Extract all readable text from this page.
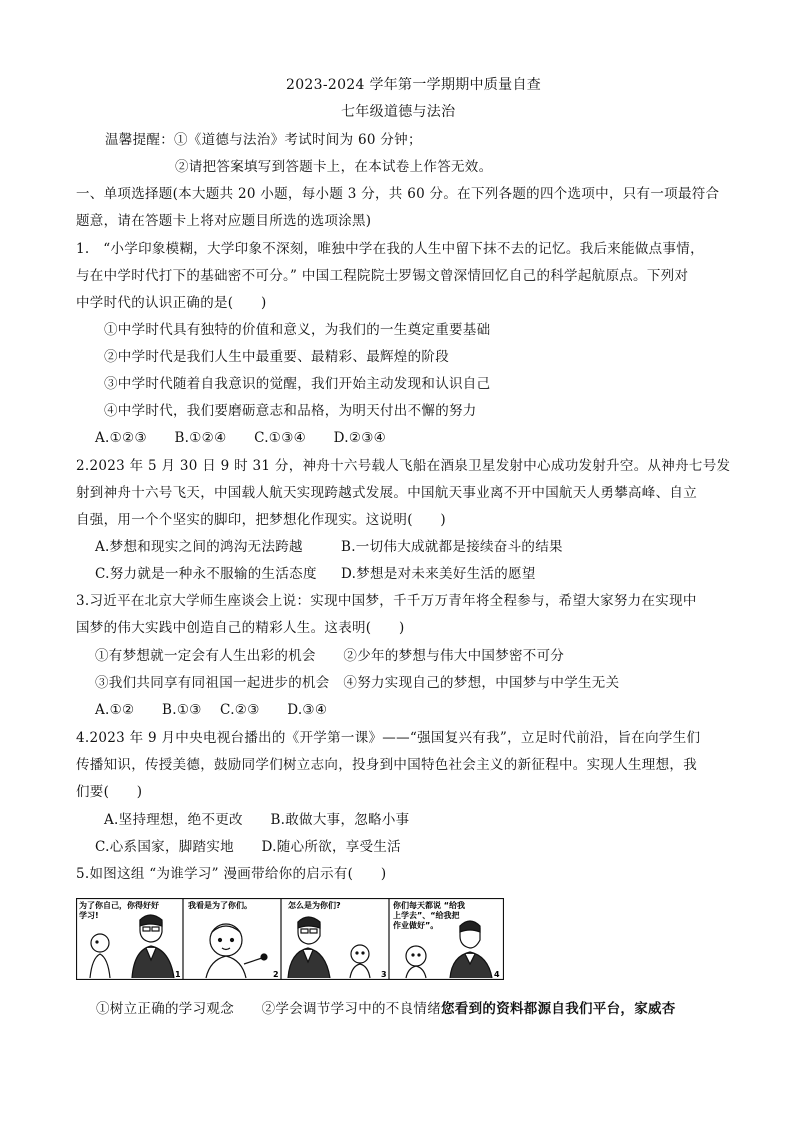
2023-2024 学年第一学期期中质量自查
七年级道德与法治
温馨提醒：①《道德与法治》考试时间为 60 分钟；
②请把答案填写到答题卡上，在本试卷上作答无效。
一、单项选择题(本大题共 20 小题，每小题 3 分，共 60 分。在下列各题的四个选项中，只有一项最符合
题意，请在答题卡上将对应题目所选的选项涂黑)
1.　“小学印象模糊，大学印象不深刻，唯独中学在我的人生中留下抹不去的记忆。我后来能做点事情，
与在中学时代打下的基础密不可分。” 中国工程院院士罗锡文曾深情回忆自己的科学起航原点。下列对
中学时代的认识正确的是(　　)
①中学时代具有独特的价值和意义，为我们的一生奠定重要基础
②中学时代是我们人生中最重要、最精彩、最辉煌的阶段
③中学时代随着自我意识的觉醒，我们开始主动发现和认识自己
④中学时代，我们要磨砺意志和品格，为明天付出不懈的努力
A.①②③　　B.①②④　　C.①③④　　D.②③④
2.2023 年 5 月 30 日 9 时 31 分，神舟十六号载人飞船在酒泉卫星发射中心成功发射升空。从神舟七号发
射到神舟十六号飞天，中国载人航天实现跨越式发展。中国航天事业离不开中国航天人勇攀高峰、自立
自强，用一个个坚实的脚印，把梦想化作现实。这说明(　　)
A.梦想和现实之间的鸿沟无法跨越	B.一切伟大成就都是接续奋斗的结果
C.努力就是一种永不服输的生活态度 D.梦想是对未来美好生活的愿望
3.习近平在北京大学师生座谈会上说：实现中国梦，千千万万青年将全程参与，希望大家努力在实现中
国梦的伟大实践中创造自己的精彩人生。这表明(　　)
①有梦想就一定会有人生出彩的机会　　②少年的梦想与伟大中国梦密不可分
③我们共同享有同祖国一起进步的机会　④努力实现自己的梦想，中国梦与中学生无关
A.①②　　B.①③　 C.②③　　D.③④
4.2023 年 9 月中央电视台播出的《开学第一课》——“强国复兴有我”，立足时代前沿，旨在向学生们
传播知识，传授美德，鼓励同学们树立志向，投身到中国特色社会主义的新征程中。实现人生理想，我
们要(　　)
A.坚持理想，绝不更改　　B.敢做大事，忽略小事
C.心系国家，脚踏实地　　D.随心所欲，享受生活
5.如图这组 “为谁学习” 漫画带给你的启示有(　　)
为了你自己，你得好好
学习!
1
我看是为了你们。
2
怎么是为你们?
3
你们每天都说 “给我
上学去”、“给我把
作业做好”。
4
①树立正确的学习观念　　②学会调节学习中的不良情绪您看到的资料都源自我们平台，家威杏
